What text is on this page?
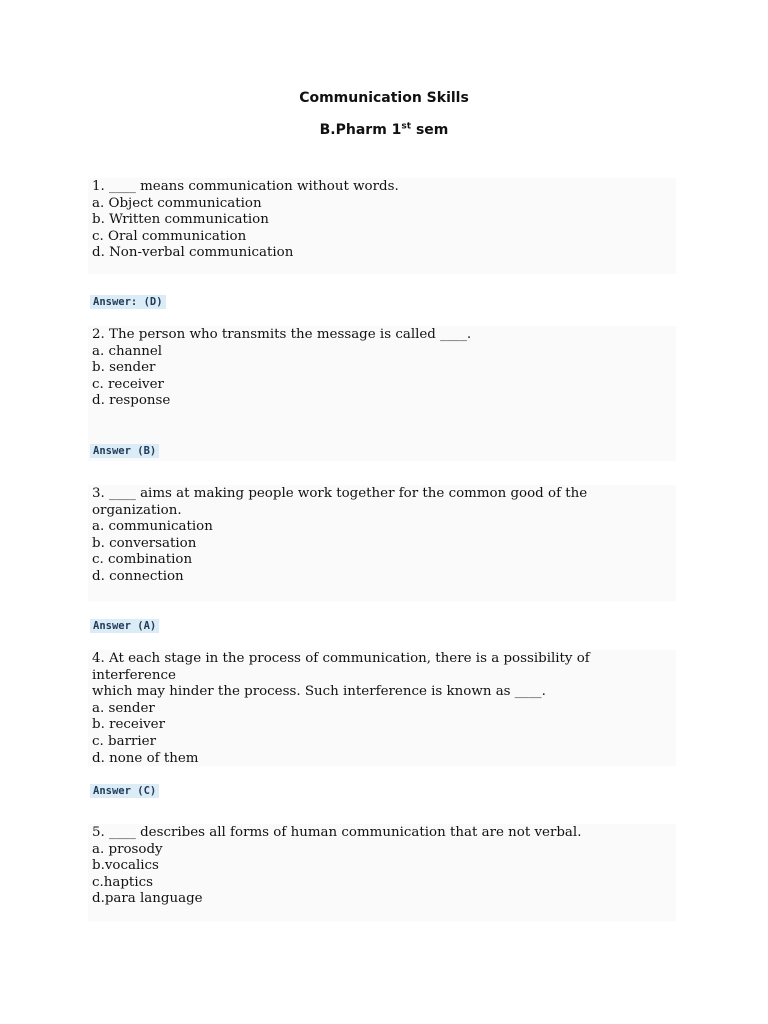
Communication Skills
B.Pharm 1st sem
1. ____ means communication without words.
a. Object communication
b. Written communication
c. Oral communication
d. Non-verbal communication
Answer: (D)
2. The person who transmits the message is called ____.
a. channel
b. sender
c. receiver
d. response
Answer (B)
3. ____ aims at making people work together for the common good of the
organization.
a. communication
b. conversation
c. combination
d. connection
Answer (A)
4. At each stage in the process of communication, there is a possibility of interference
which may hinder the process. Such interference is known as ____.
a. sender
b. receiver
c. barrier
d. none of them
Answer (C)
5. ____ describes all forms of human communication that are not verbal.
a. prosody
b.vocalics
c.haptics
d.para language
